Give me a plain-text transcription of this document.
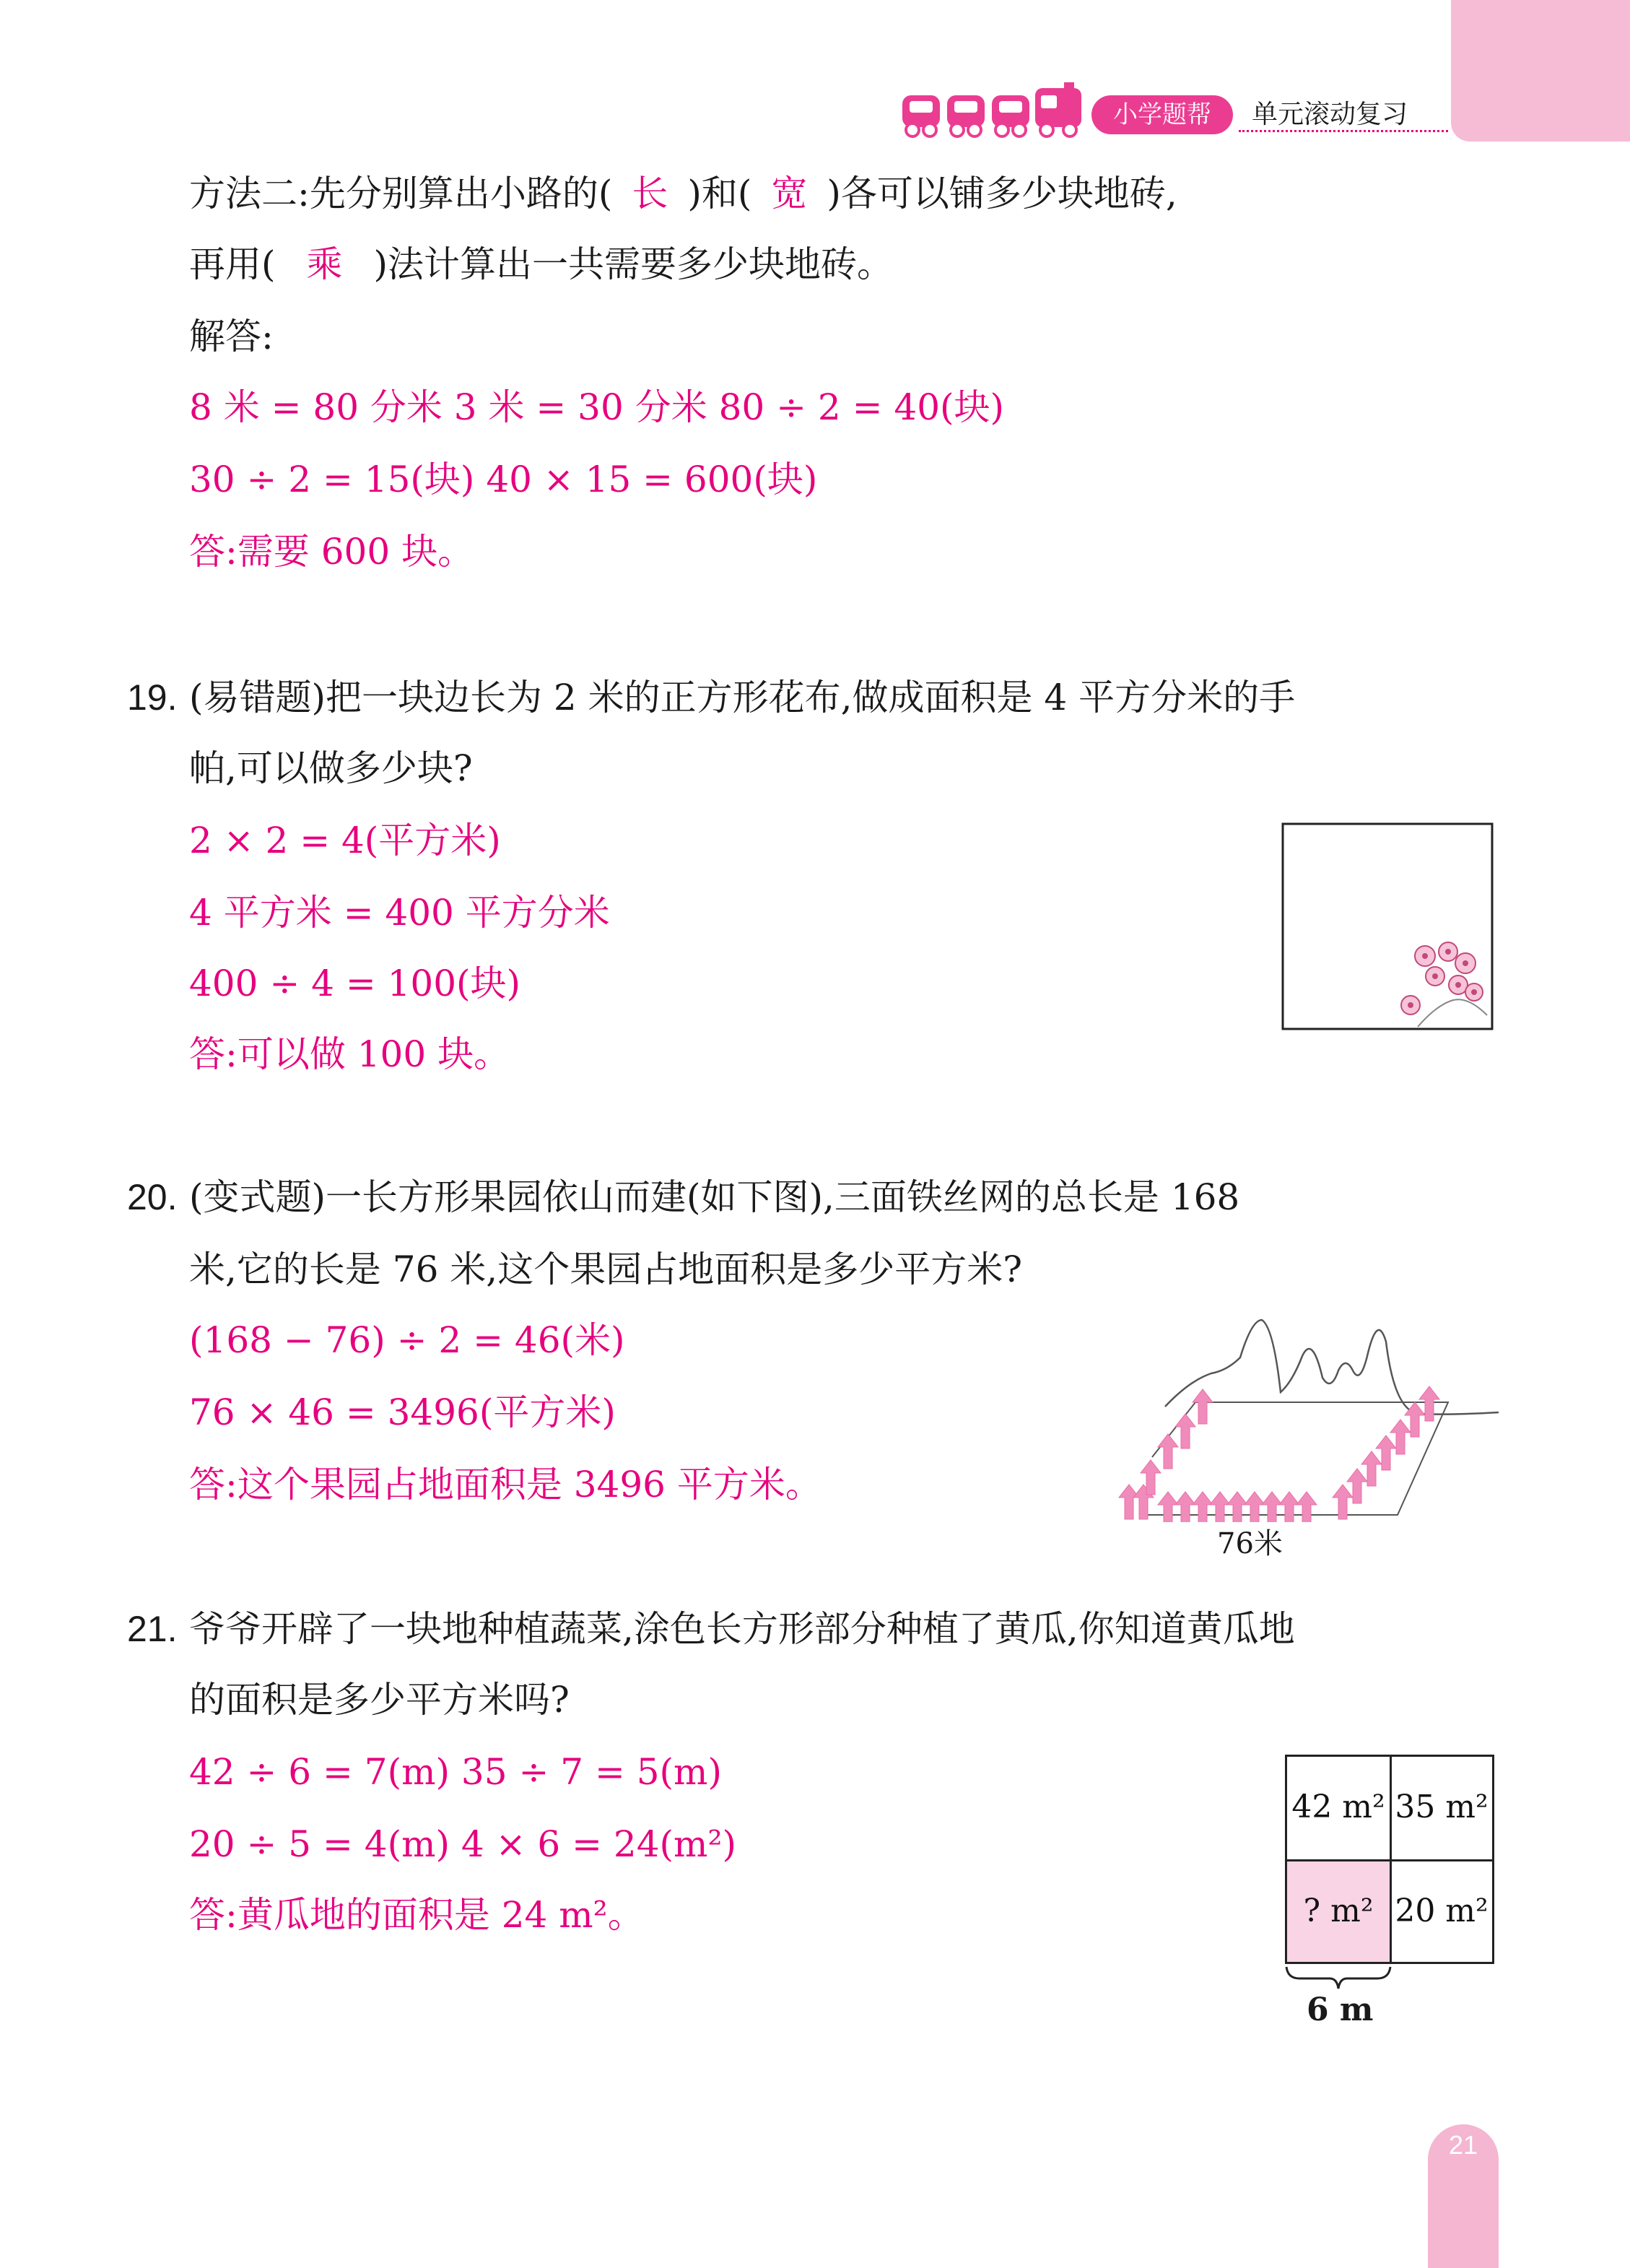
小学题帮	单元滚动复习
方法二:先分别算出小路的( 长 )和( 宽 )各可以铺多少块地砖,
再用( 乘 )法计算出一共需要多少块地砖。
解答:
8 米 = 80 分米 3 米 = 30 分米 80 ÷ 2 = 40(块)
30 ÷ 2 = 15(块) 40 × 15 = 600(块)
答:需要 600 块。
19. (易错题)把一块边长为 2 米的正方形花布,做成面积是 4 平方分米的手
帕,可以做多少块?
2 × 2 = 4(平方米)
4 平方米 = 400 平方分米
400 ÷ 4 = 100(块)
答:可以做 100 块。
20. (变式题)一长方形果园依山而建(如下图),三面铁丝网的总长是 168
米,它的长是 76 米,这个果园占地面积是多少平方米?
(168 − 76) ÷ 2 = 46(米)
76 × 46 = 3496(平方米)
答:这个果园占地面积是 3496 平方米。
76米
21. 爷爷开辟了一块地种植蔬菜,涂色长方形部分种植了黄瓜,你知道黄瓜地
的面积是多少平方米吗?
42 ÷ 6 = 7(m) 35 ÷ 7 = 5(m)
20 ÷ 5 = 4(m) 4 × 6 = 24(m²)
答:黄瓜地的面积是 24 m²。
42 m² 35 m²
? m² 20 m²
6 m
21
